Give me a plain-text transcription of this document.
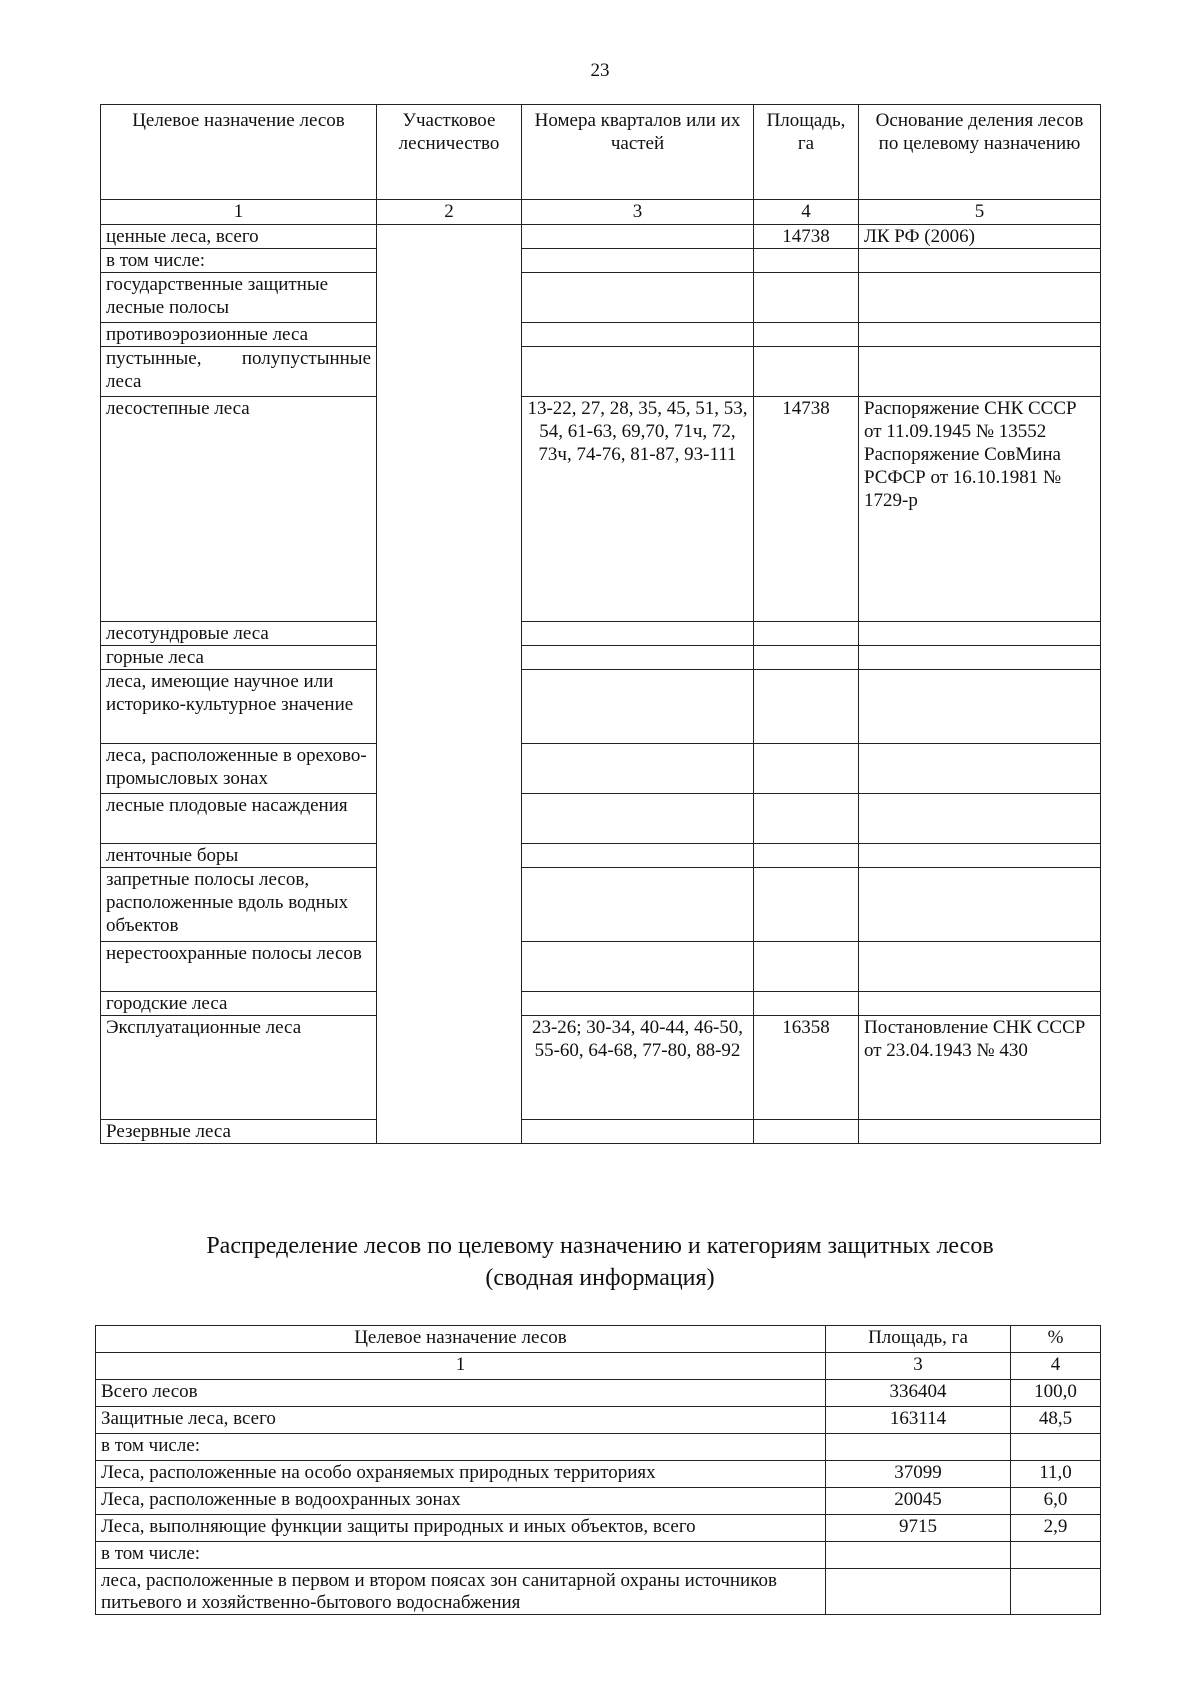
23
Целевое назначение лесов	Участковое лесничество	Номера кварталов или их частей	Площадь, га	Основание деления лесов по целевому назначению
1	2	3	4	5
ценные леса, всего			14738	ЛК РФ (2006)
в том числе:				
государственные защитные лесные полосы				
противоэрозионные леса				
пустынные, полупустынные леса				
лесостепные леса		13-22, 27, 28, 35, 45, 51, 53, 54, 61-63, 69,70, 71ч, 72, 73ч, 74-76, 81-87, 93-111	14738	Распоряжение СНК СССР от 11.09.1945 № 13552 Распоряжение СовМина РСФСР от 16.10.1981 № 1729-р
лесотундровые леса				
горные леса				
леса, имеющие научное или историко-культурное значение				
леса, расположенные в орехово-промысловых зонах				
лесные плодовые насаждения				
ленточные боры				
запретные полосы лесов, расположенные вдоль водных объектов				
нерестоохранные полосы лесов				
городские леса				
Эксплуатационные леса		23-26; 30-34, 40-44, 46-50, 55-60, 64-68, 77-80, 88-92	16358	Постановление СНК СССР от 23.04.1943 № 430
Резервные леса				
Распределение лесов по целевому назначению и категориям защитных лесов
(сводная информация)
Целевое назначение лесов	Площадь, га	%
1	3	4
Всего лесов	336404	100,0
Защитные леса, всего	163114	48,5
в том числе:		
Леса, расположенные на особо охраняемых природных территориях	37099	11,0
Леса, расположенные в водоохранных зонах	20045	6,0
Леса, выполняющие функции защиты природных и иных объектов, всего	9715	2,9
в том числе:		
леса, расположенные в первом и втором поясах зон санитарной охраны источников питьевого и хозяйственно-бытового водоснабжения		
